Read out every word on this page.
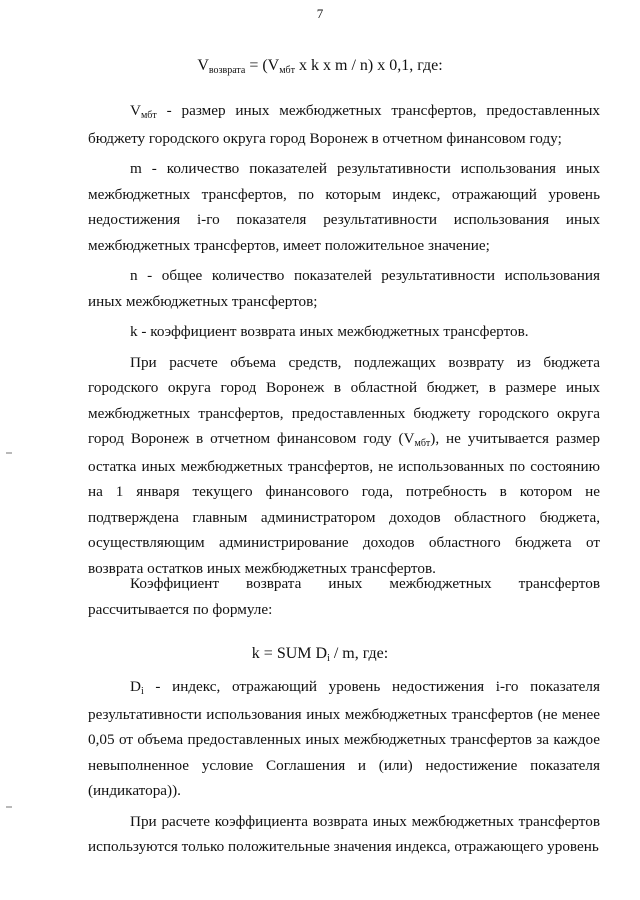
7
Vвозврата = (Vмбт x k x m / n) x 0,1, где:

Vмбт - размер иных межбюджетных трансфертов, предоставленных бюджету городского округа город Воронеж в отчетном финансовом году;

m - количество показателей результативности использования иных межбюджетных трансфертов, по которым индекс, отражающий уровень недостижения i-го показателя результативности использования иных межбюджетных трансфертов, имеет положительное значение;

n - общее количество показателей результативности использования иных межбюджетных трансфертов;

k - коэффициент возврата иных межбюджетных трансфертов.

При расчете объема средств, подлежащих возврату из бюджета городского округа город Воронеж в областной бюджет, в размере иных межбюджетных трансфертов, предоставленных бюджету городского округа город Воронеж в отчетном финансовом году (Vмбт), не учитывается размер остатка иных межбюджетных трансфертов, не использованных по состоянию на 1 января текущего финансового года, потребность в котором не подтверждена главным администратором доходов областного бюджета, осуществляющим администрирование доходов областного бюджета от возврата остатков иных межбюджетных трансфертов.

Коэффициент возврата иных межбюджетных трансфертов рассчитывается по формуле:

k = SUM Di / m, где:

Di - индекс, отражающий уровень недостижения i-го показателя результативности использования иных межбюджетных трансфертов (не менее 0,05 от объема предоставленных иных межбюджетных трансфертов за каждое невыполненное условие Соглашения и (или) недостижение показателя (индикатора)).

При расчете коэффициента возврата иных межбюджетных трансфертов используются только положительные значения индекса, отражающего уровень
